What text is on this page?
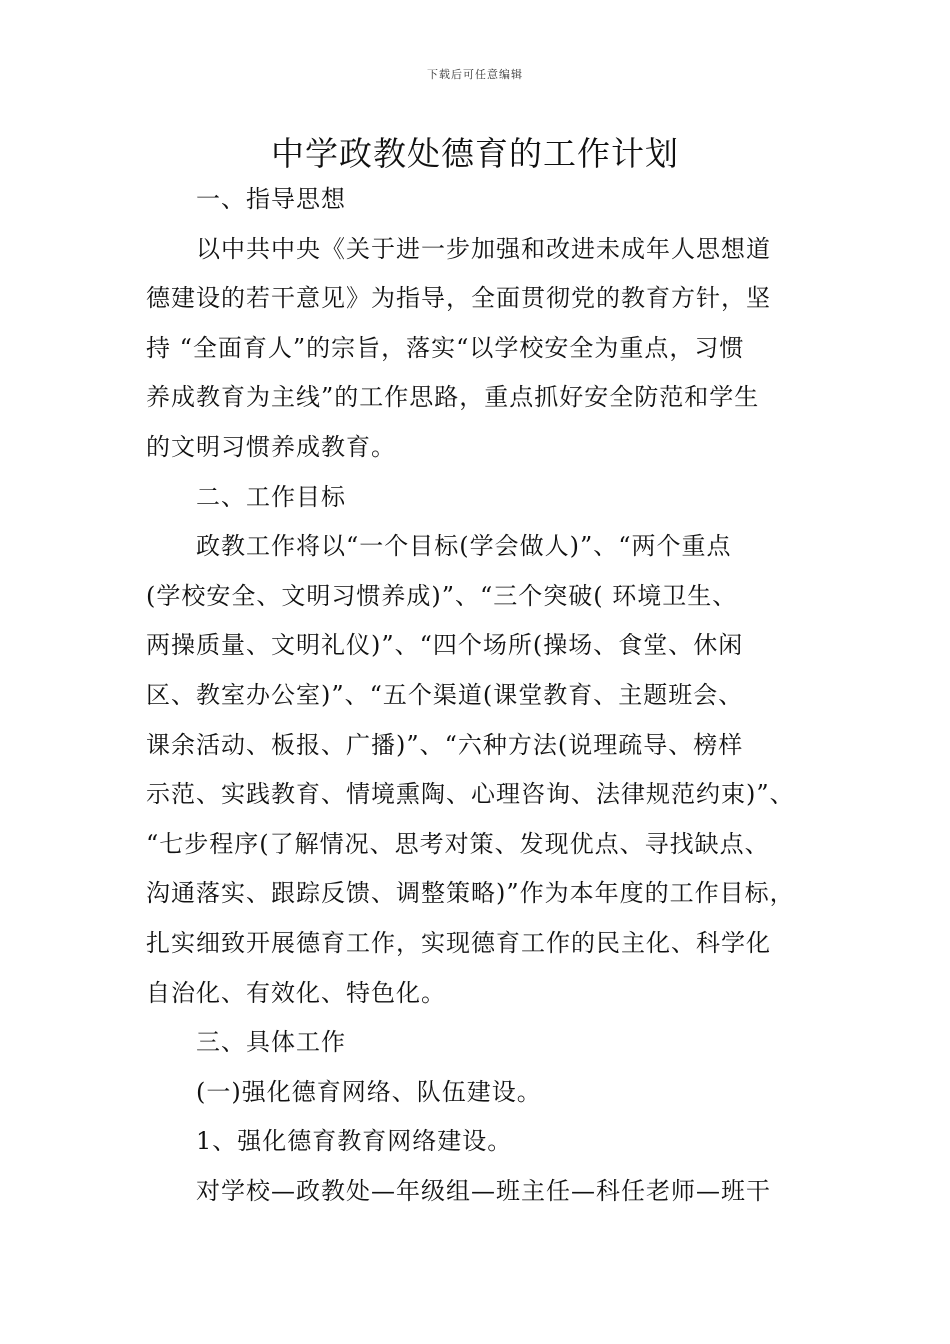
下载后可任意编辑
中学政教处德育的工作计划
一、指导思想
以中共中央《关于进一步加强和改进未成年人思想道
德建设的若干意见》为指导，全面贯彻党的教育方针，坚
持 “全面育人”的宗旨，落实“以学校安全为重点，习惯
养成教育为主线”的工作思路，重点抓好安全防范和学生
的文明习惯养成教育。
二、工作目标
政教工作将以“一个目标(学会做人)”、“两个重点
(学校安全、文明习惯养成)”、“三个突破( 环境卫生、
两操质量、文明礼仪)”、“四个场所(操场、食堂、休闲
区、教室办公室)”、“五个渠道(课堂教育、主题班会、
课余活动、板报、广播)”、“六种方法(说理疏导、榜样
示范、实践教育、情境熏陶、心理咨询、法律规范约束)”、
“七步程序(了解情况、思考对策、发现优点、寻找缺点、
沟通落实、跟踪反馈、调整策略)”作为本年度的工作目标，
扎实细致开展德育工作，实现德育工作的民主化、科学化
自治化、有效化、特色化。
三、具体工作
(一)强化德育网络、队伍建设。
1、强化德育教育网络建设。
对学校—政教处—年级组—班主任—科任老师—班干
